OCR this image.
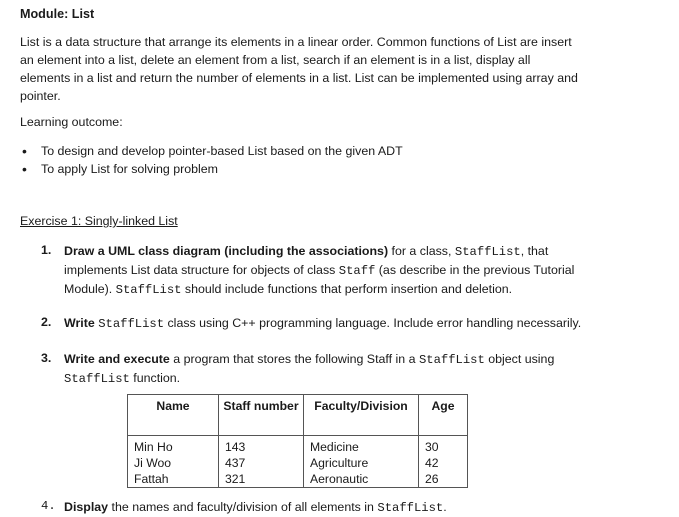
Module: List

List is a data structure that arrange its elements in a linear order. Common functions of List are insert an element into a list, delete an element from a list, search if an element is in a list, display all elements in a list and return the number of elements in a list. List can be implemented using array and pointer.

Learning outcome:
• To design and develop pointer-based List based on the given ADT
• To apply List for solving problem
Exercise 1: Singly-linked List
1. Draw a UML class diagram (including the associations) for a class, StaffList, that implements List data structure for objects of class Staff (as describe in the previous Tutorial Module). StaffList should include functions that perform insertion and deletion.

2. Write StaffList class using C++ programming language. Include error handling necessarily.

3. Write and execute a program that stores the following Staff in a StaffList object using StaffList function.

Name	Staff number	Faculty/Division	Age
Min Ho	143	Medicine	30
Ji Woo	437	Agriculture	42
Fattah	321	Aeronautic	26
4. Display the names and faculty/division of all elements in StaffList.
